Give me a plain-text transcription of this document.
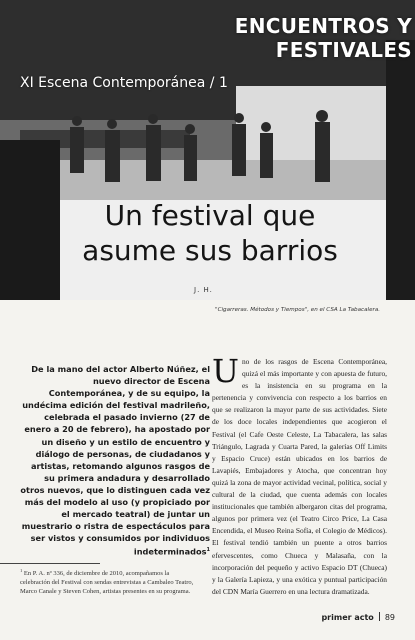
ENCUENTROS Y FESTIVALES
XI Escena Contemporánea / 1
Un festival que
asume sus barrios
J. H.
"Cigarreras. Métodos y Tiempos", en el CSA La Tabacalera.
De la mano del actor Alberto Núñez, el nuevo director de Escena Contemporánea, y de su equipo, la undécima edición del festival madrileño, celebrada el pasado invierno (27 de enero a 20 de febrero), ha apostado por un diseño y un estilo de encuentro y diálogo de personas, de ciudadanos y artistas, retomando algunos rasgos de su primera andadura y desarrollado otros nuevos, que lo distinguen cada vez más del modelo al uso (y propiciado por el mercado teatral) de juntar un muestrario o ristra de espectáculos para ser vistos y consumidos por individuos indeterminados$^1$
Uno de los rasgos de Escena Contemporánea, quizá el más importante y con apuesta de futuro, es la insistencia en su programa en la pertenencia y convivencia con respecto a los barrios en que se realizaron la mayor parte de sus actividades. Siete de los doce locales independientes que acogieron el Festival (el Cafe Oeste Celeste, La Tabacalera, las salas Triángulo, Lagrada y Cuarta Pared, la galerías Off Limits y Espacio Cruce) están ubicados en los barrios de Lavapiés, Embajadores y Atocha, que concentran hoy quizá la zona de mayor actividad vecinal, política, social y cultural de la ciudad, que cuenta además con locales institucionales que también albergaron citas del programa, algunos por primera vez (el Teatro Circo Price, La Casa Encendida, el Museo Reina Sofía, el Colegio de Médicos). El festival tendió también un puente a otros barrios efervescentes, como Chueca y Malasaña, con la incorporación del pequeño y activo Espacio DT (Chueca) y la Galería Lapieza, y una exótica y puntual participación del CDN María Guerrero en una lectura dramatizada.
$^1$ En P. A. nº 336, de diciembre de 2010, acompañamos la celebración del Festival con sendas entrevistas a Cambaleo Teatro, Marco Canale y Steven Cohen, artistas presentes en su programa.
primer acto 89
